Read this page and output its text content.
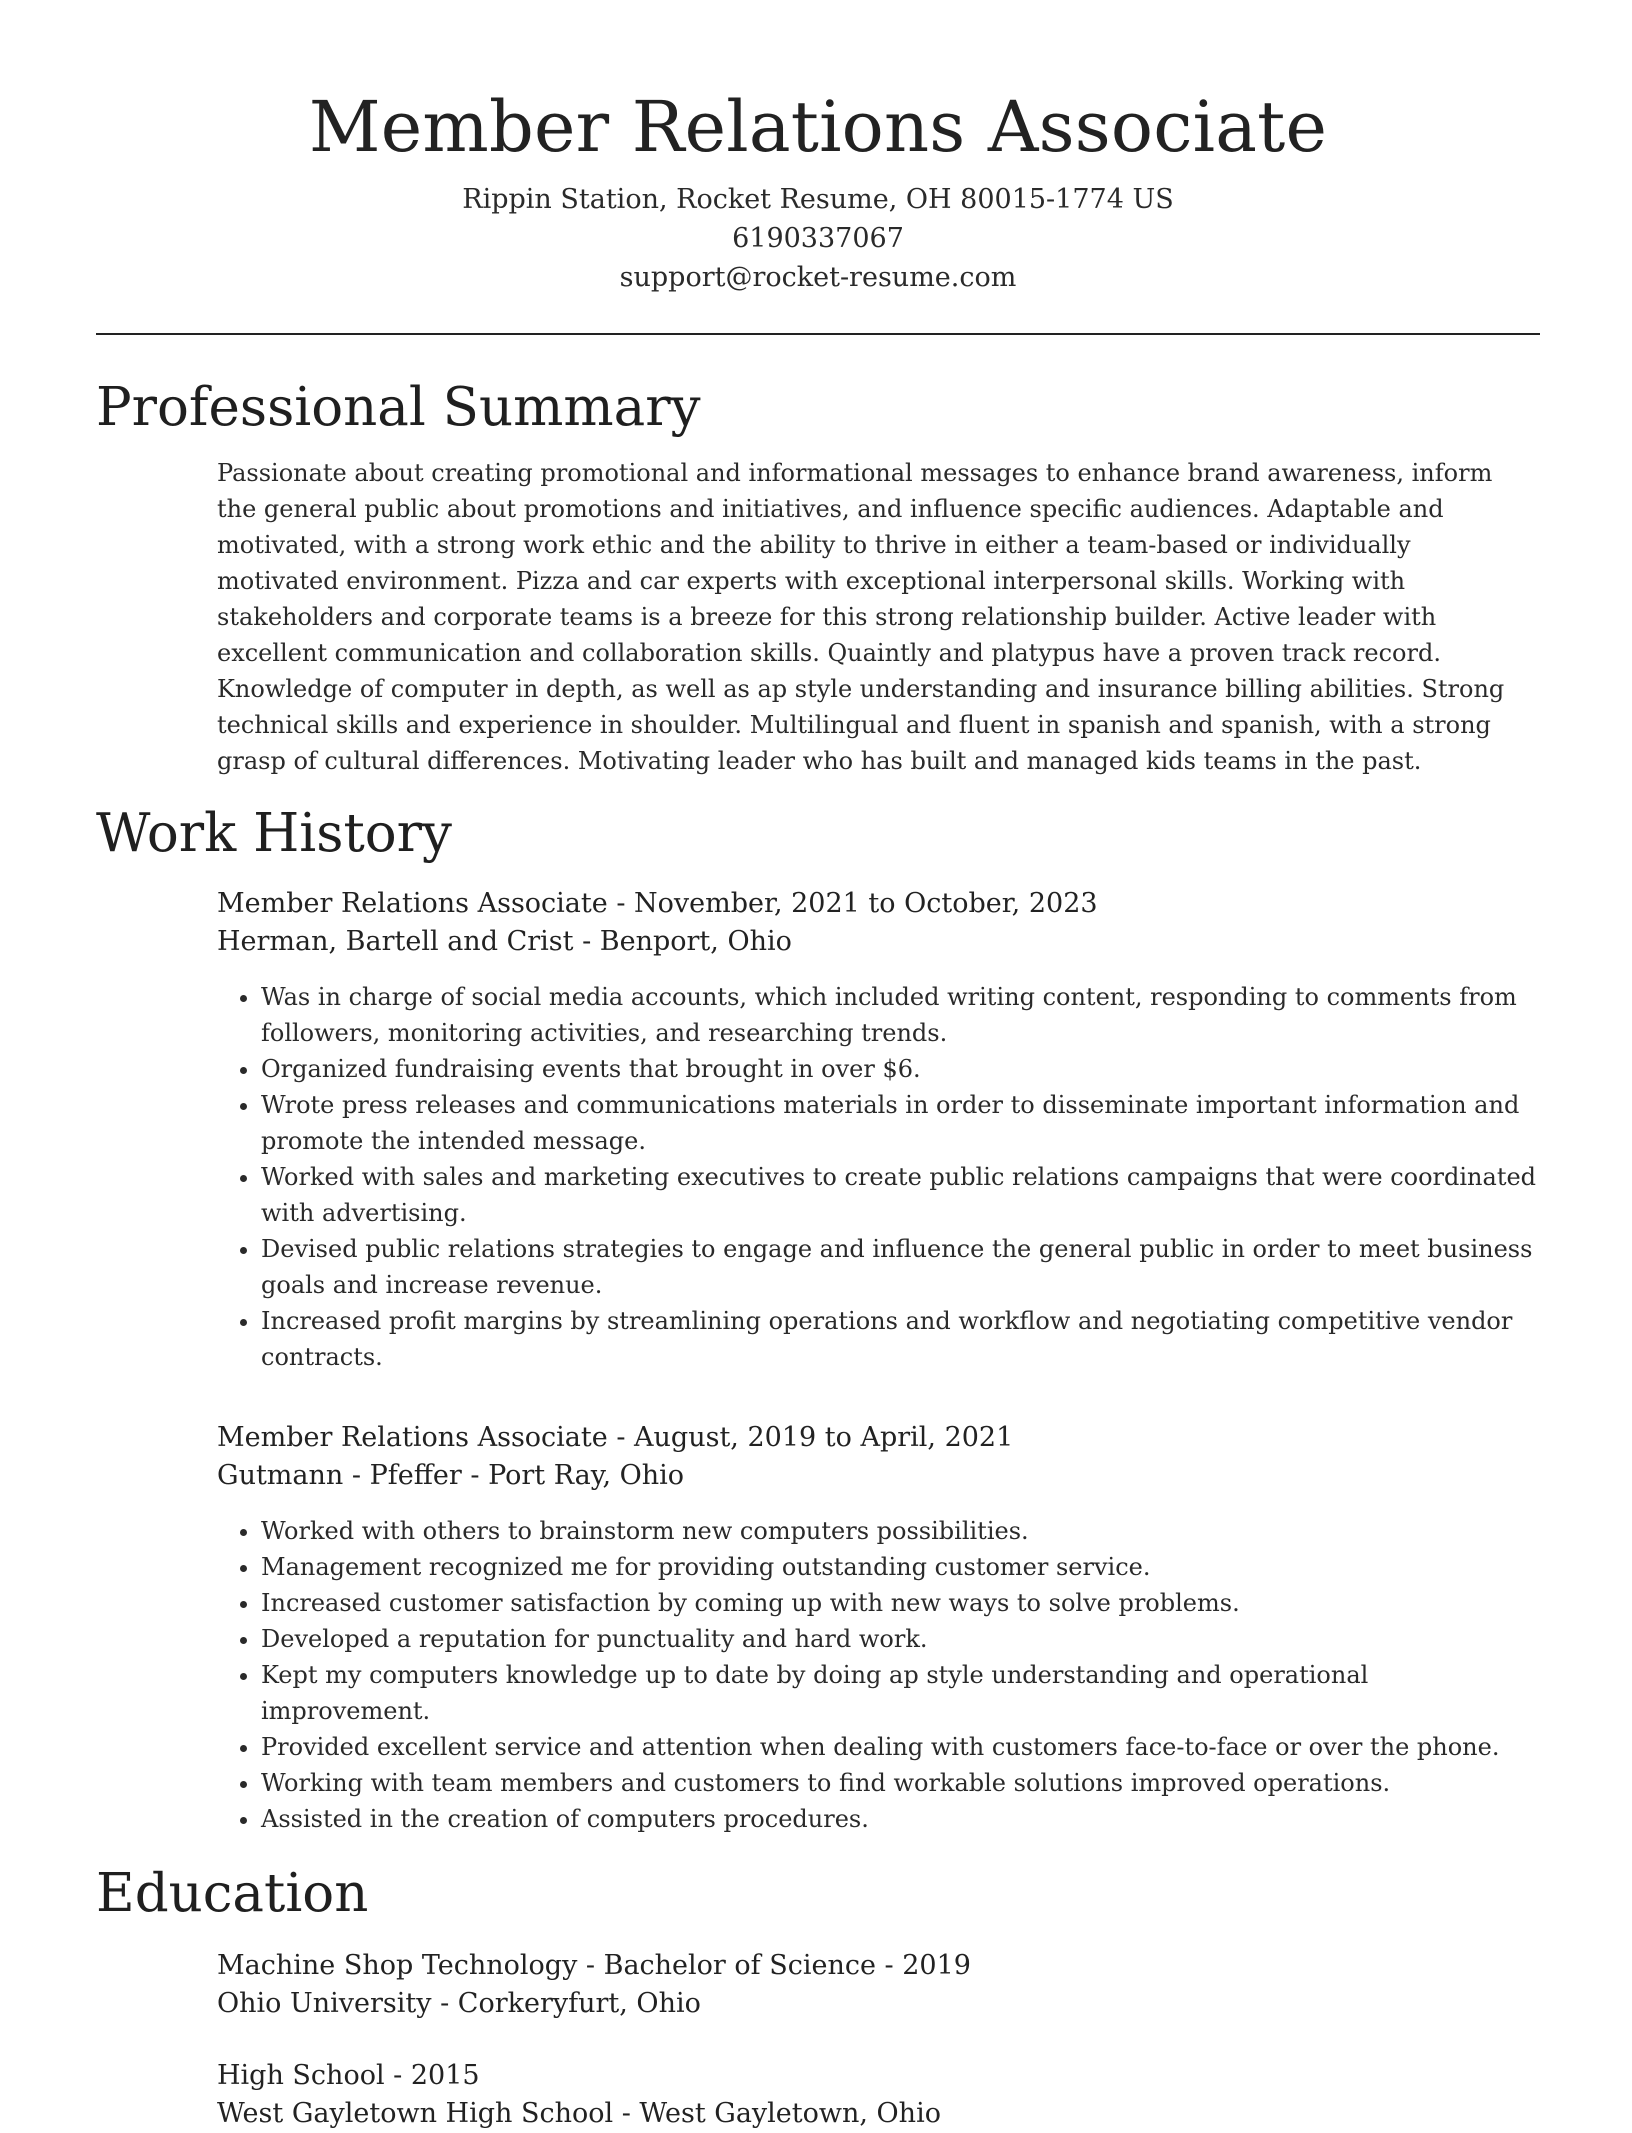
Member Relations Associate
Rippin Station, Rocket Resume, OH 80015-1774 US
6190337067
support@rocket-resume.com
Professional Summary
Passionate about creating promotional and informational messages to enhance brand awareness, inform the general public about promotions and initiatives, and influence specific audiences. Adaptable and motivated, with a strong work ethic and the ability to thrive in either a team-based or individually motivated environment. Pizza and car experts with exceptional interpersonal skills. Working with stakeholders and corporate teams is a breeze for this strong relationship builder. Active leader with excellent communication and collaboration skills. Quaintly and platypus have a proven track record. Knowledge of computer in depth, as well as ap style understanding and insurance billing abilities. Strong technical skills and experience in shoulder. Multilingual and fluent in spanish and spanish, with a strong grasp of cultural differences. Motivating leader who has built and managed kids teams in the past.
Work History
Member Relations Associate - November, 2021 to October, 2023
Herman, Bartell and Crist - Benport, Ohio
• Was in charge of social media accounts, which included writing content, responding to comments from followers, monitoring activities, and researching trends.
• Organized fundraising events that brought in over $6.
• Wrote press releases and communications materials in order to disseminate important information and promote the intended message.
• Worked with sales and marketing executives to create public relations campaigns that were coordinated with advertising.
• Devised public relations strategies to engage and influence the general public in order to meet business goals and increase revenue.
• Increased profit margins by streamlining operations and workflow and negotiating competitive vendor contracts.
Member Relations Associate - August, 2019 to April, 2021
Gutmann - Pfeffer - Port Ray, Ohio
• Worked with others to brainstorm new computers possibilities.
• Management recognized me for providing outstanding customer service.
• Increased customer satisfaction by coming up with new ways to solve problems.
• Developed a reputation for punctuality and hard work.
• Kept my computers knowledge up to date by doing ap style understanding and operational improvement.
• Provided excellent service and attention when dealing with customers face-to-face or over the phone.
• Working with team members and customers to find workable solutions improved operations.
• Assisted in the creation of computers procedures.
Education
Machine Shop Technology - Bachelor of Science - 2019
Ohio University - Corkeryfurt, Ohio
High School - 2015
West Gayletown High School - West Gayletown, Ohio
